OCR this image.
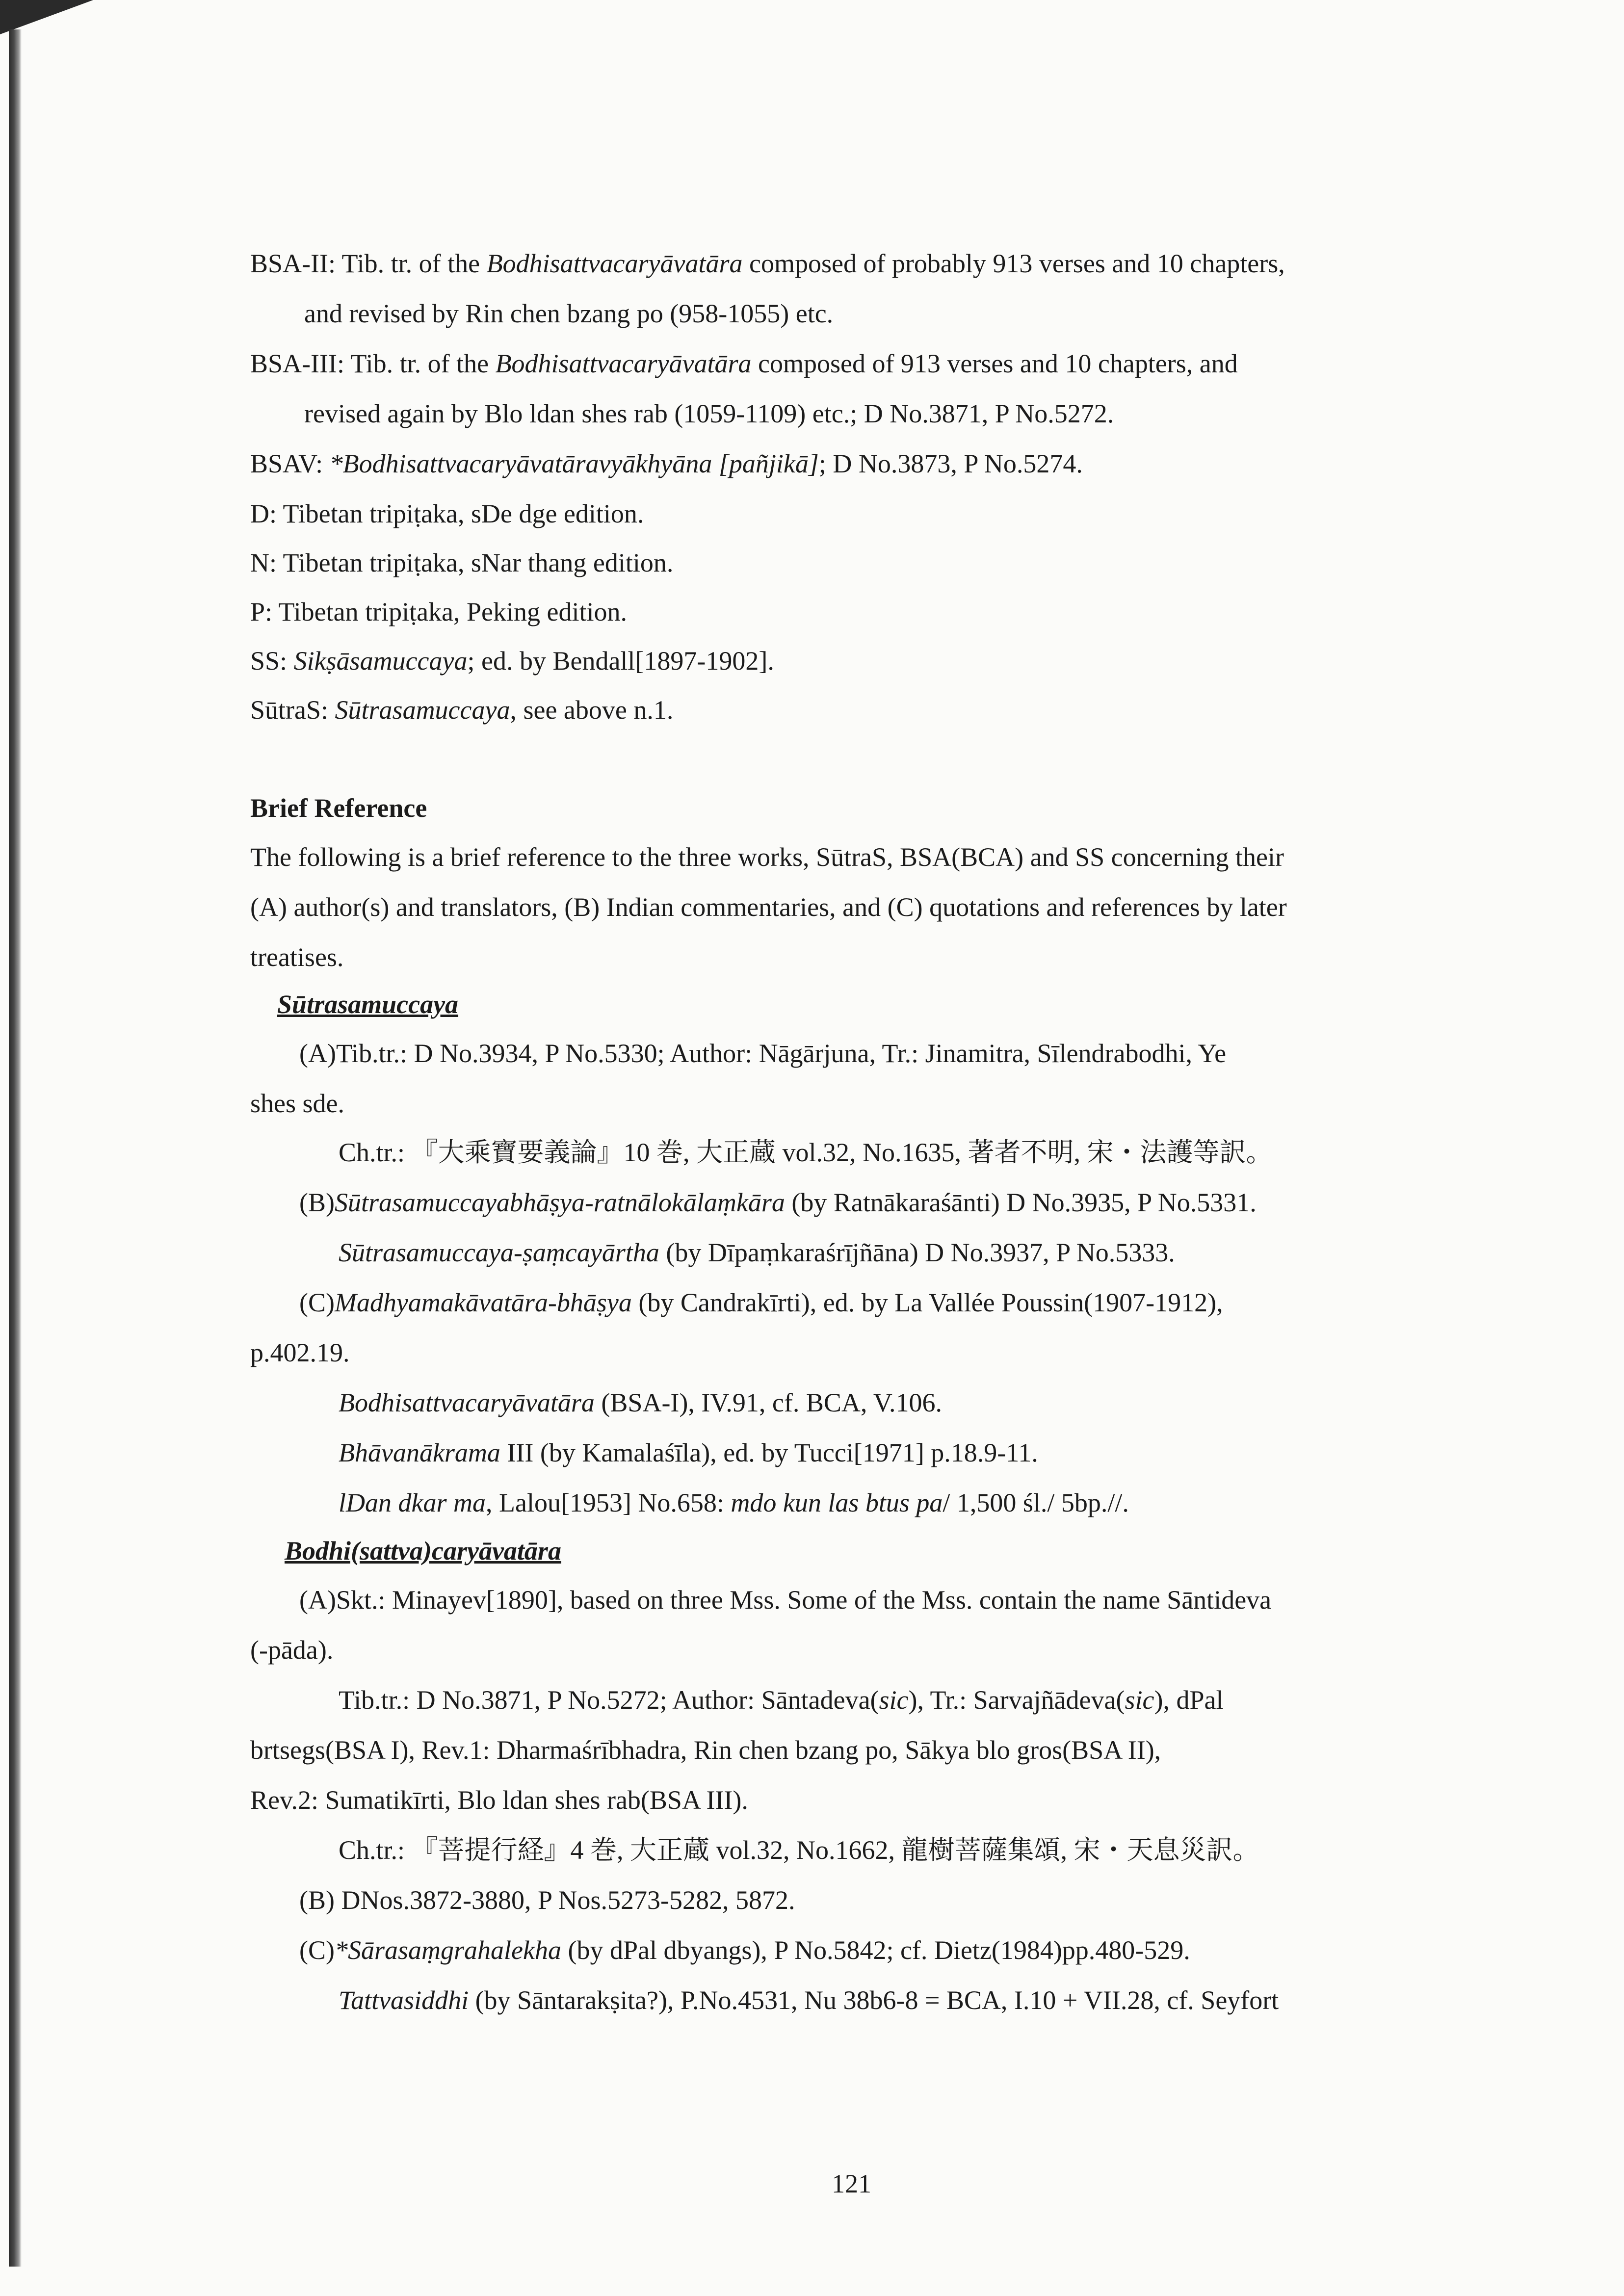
BSA-II: Tib. tr. of the Bodhisattvacaryāvatāra composed of probably 913 verses and 10 chapters,
and revised by Rin chen bzang po (958-1055) etc.
BSA-III: Tib. tr. of the Bodhisattvacaryāvatāra composed of 913 verses and 10 chapters, and
revised again by Blo ldan shes rab (1059-1109) etc.; D No.3871, P No.5272.
BSAV: *Bodhisattvacaryāvatāravyākhyāna [pañjikā]; D No.3873, P No.5274.
D: Tibetan tripiṭaka, sDe dge edition.
N: Tibetan tripiṭaka, sNar thang edition.
P: Tibetan tripiṭaka, Peking edition.
SS: Sikṣāsamuccaya; ed. by Bendall[1897-1902].
SūtraS: Sūtrasamuccaya, see above n.1.
Brief Reference
The following is a brief reference to the three works, SūtraS, BSA(BCA) and SS concerning their
(A) author(s) and translators, (B) Indian commentaries, and (C) quotations and references by later
treatises.
Sūtrasamuccaya
(A)Tib.tr.: D No.3934, P No.5330; Author: Nāgārjuna, Tr.: Jinamitra, Sīlendrabodhi, Ye
shes sde.
Ch.tr.: 『大乘寶要義論』10 巻, 大正蔵 vol.32, No.1635, 著者不明, 宋・法護等訳。
(B)Sūtrasamuccayabhāṣya-ratnālokālaṃkāra (by Ratnākaraśānti) D No.3935, P No.5331.
Sūtrasamuccaya-ṣaṃcayārtha (by Dīpaṃkaraśrījñāna) D No.3937, P No.5333.
(C)Madhyamakāvatāra-bhāṣya (by Candrakīrti), ed. by La Vallée Poussin(1907-1912),
p.402.19.
Bodhisattvacaryāvatāra (BSA-I), IV.91, cf. BCA, V.106.
Bhāvanākrama III (by Kamalaśīla), ed. by Tucci[1971] p.18.9-11.
lDan dkar ma, Lalou[1953] No.658: mdo kun las btus pa/ 1,500 śl./ 5bp.//.
Bodhi(sattva)caryāvatāra
(A)Skt.: Minayev[1890], based on three Mss. Some of the Mss. contain the name Sāntideva
(-pāda).
Tib.tr.: D No.3871, P No.5272; Author: Sāntadeva(sic), Tr.: Sarvajñādeva(sic), dPal
brtsegs(BSA I), Rev.1: Dharmaśrībhadra, Rin chen bzang po, Sākya blo gros(BSA II),
Rev.2: Sumatikīrti, Blo ldan shes rab(BSA III).
Ch.tr.: 『菩提行経』4 巻, 大正蔵 vol.32, No.1662, 龍樹菩薩集頌, 宋・天息災訳。
(B) DNos.3872-3880, P Nos.5273-5282, 5872.
(C)*Sārasaṃgrahalekha (by dPal dbyangs), P No.5842; cf. Dietz(1984)pp.480-529.
Tattvasiddhi (by Sāntarakṣita?), P.No.4531, Nu 38b6-8 = BCA, I.10 + VII.28, cf. Seyfort
121
